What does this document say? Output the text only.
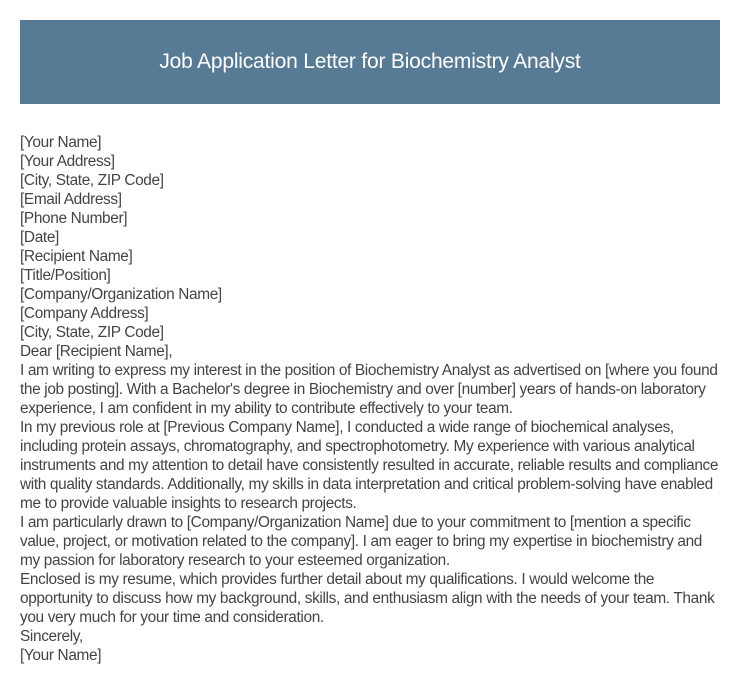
Job Application Letter for Biochemistry Analyst
[Your Name]
[Your Address]
[City, State, ZIP Code]
[Email Address]
[Phone Number]
[Date]
[Recipient Name]
[Title/Position]
[Company/Organization Name]
[Company Address]
[City, State, ZIP Code]
Dear [Recipient Name],
I am writing to express my interest in the position of Biochemistry Analyst as advertised on [where you found the job posting]. With a Bachelor's degree in Biochemistry and over [number] years of hands-on laboratory experience, I am confident in my ability to contribute effectively to your team.
In my previous role at [Previous Company Name], I conducted a wide range of biochemical analyses, including protein assays, chromatography, and spectrophotometry. My experience with various analytical instruments and my attention to detail have consistently resulted in accurate, reliable results and compliance with quality standards. Additionally, my skills in data interpretation and critical problem-solving have enabled me to provide valuable insights to research projects.
I am particularly drawn to [Company/Organization Name] due to your commitment to [mention a specific value, project, or motivation related to the company]. I am eager to bring my expertise in biochemistry and my passion for laboratory research to your esteemed organization.
Enclosed is my resume, which provides further detail about my qualifications. I would welcome the opportunity to discuss how my background, skills, and enthusiasm align with the needs of your team. Thank you very much for your time and consideration.
Sincerely,
[Your Name]
